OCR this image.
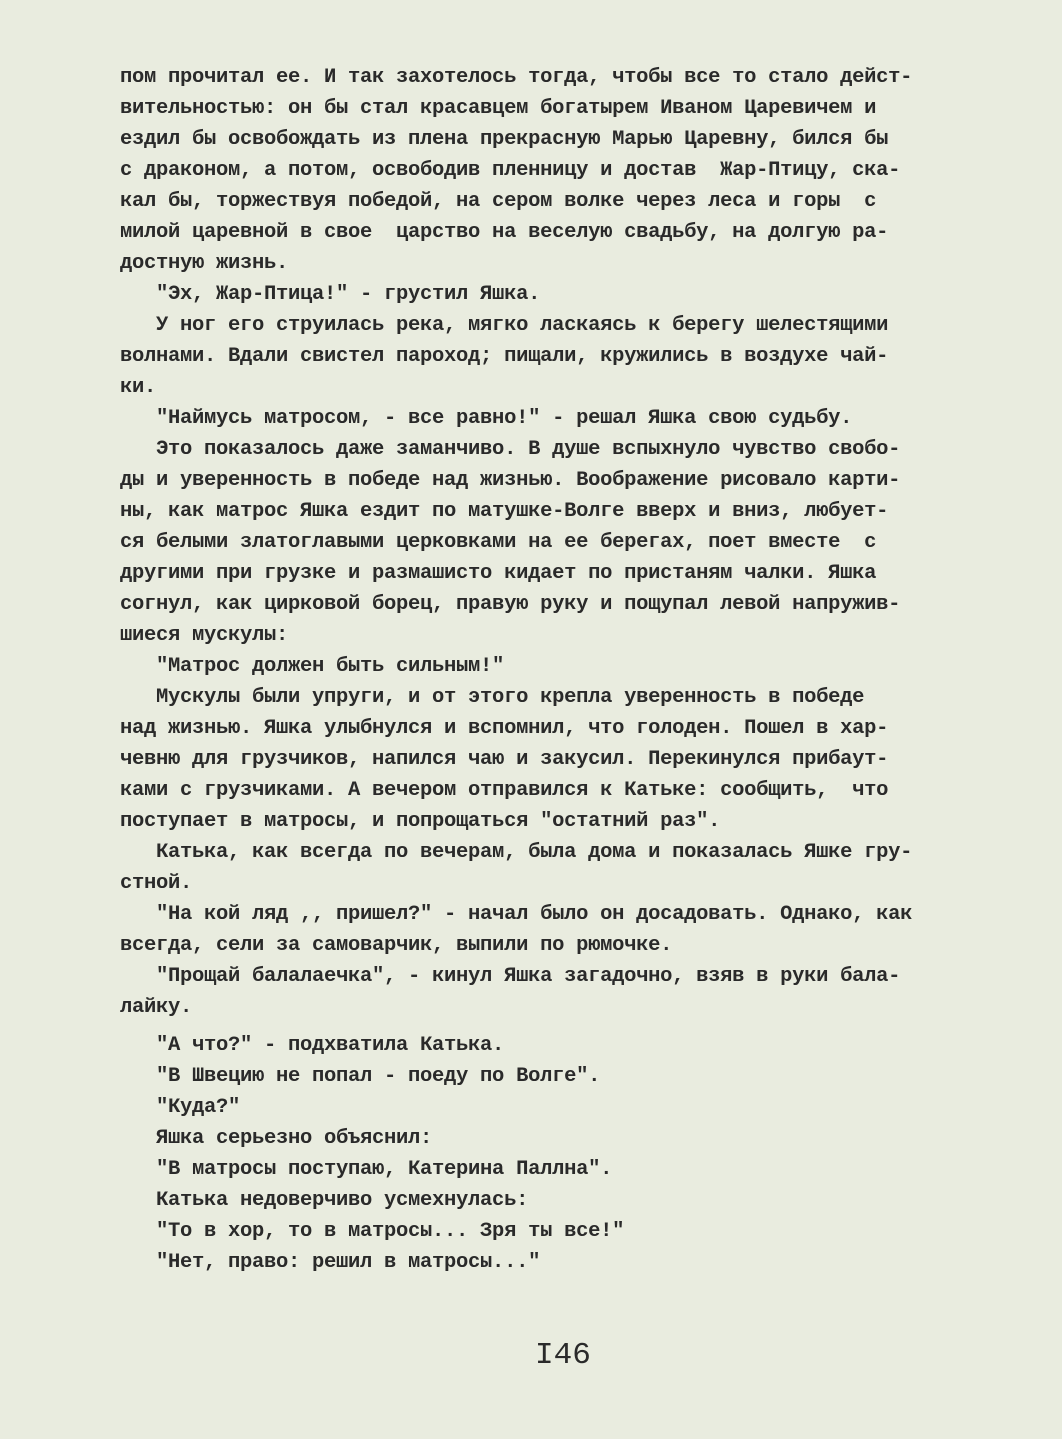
пом прочитал ее. И так захотелось тогда, чтобы все то стало дейст-
вительностью: он бы стал красавцем богатырем Иваном Царевичем и
ездил бы освобождать из плена прекрасную Марью Царевну, бился бы
с драконом, а потом, освободив пленницу и достав  Жар-Птицу, ска-
кал бы, торжествуя победой, на сером волке через леса и горы  с
милой царевной в свое  царство на веселую свадьбу, на долгую ра-
достную жизнь.
"Эх, Жар-Птица!" - грустил Яшка.
У ног его струилась река, мягко ласкаясь к берегу шелестящими
волнами. Вдали свистел пароход; пищали, кружились в воздухе чай-
ки.
"Наймусь матросом, - все равно!" - решал Яшка свою судьбу.
Это показалось даже заманчиво. В душе вспыхнуло чувство свобо-
ды и уверенность в победе над жизнью. Воображение рисовало карти-
ны, как матрос Яшка ездит по матушке-Волге вверх и вниз, любует-
ся белыми златоглавыми церковками на ее берегах, поет вместе  с
другими при грузке и размашисто кидает по пристаням чалки. Яшка
согнул, как цирковой борец, правую руку и пощупал левой напружив-
шиеся мускулы:
"Матрос должен быть сильным!"
Мускулы были упруги, и от этого крепла уверенность в победе
над жизнью. Яшка улыбнулся и вспомнил, что голоден. Пошел в хар-
чевню для грузчиков, напился чаю и закусил. Перекинулся прибаут-
ками с грузчиками. А вечером отправился к Катьке: сообщить,  что
поступает в матросы, и попрощаться "остатний раз".
Катька, как всегда по вечерам, была дома и показалась Яшке гру-
стной.
"На кой ляд ,, пришел?" - начал было он досадовать. Однако, как
всегда, сели за самоварчик, выпили по рюмочке.
"Прощай балалаечка", - кинул Яшка загадочно, взяв в руки бала-
лайку.
"А что?" - подхватила Катька.
"В Швецию не попал - поеду по Волге".
"Куда?"
Яшка серьезно объяснил:
"В матросы поступаю, Катерина Паллна".
Катька недоверчиво усмехнулась:
"То в хор, то в матросы... Зря ты все!"
"Нет, право: решил в матросы..."
I46
